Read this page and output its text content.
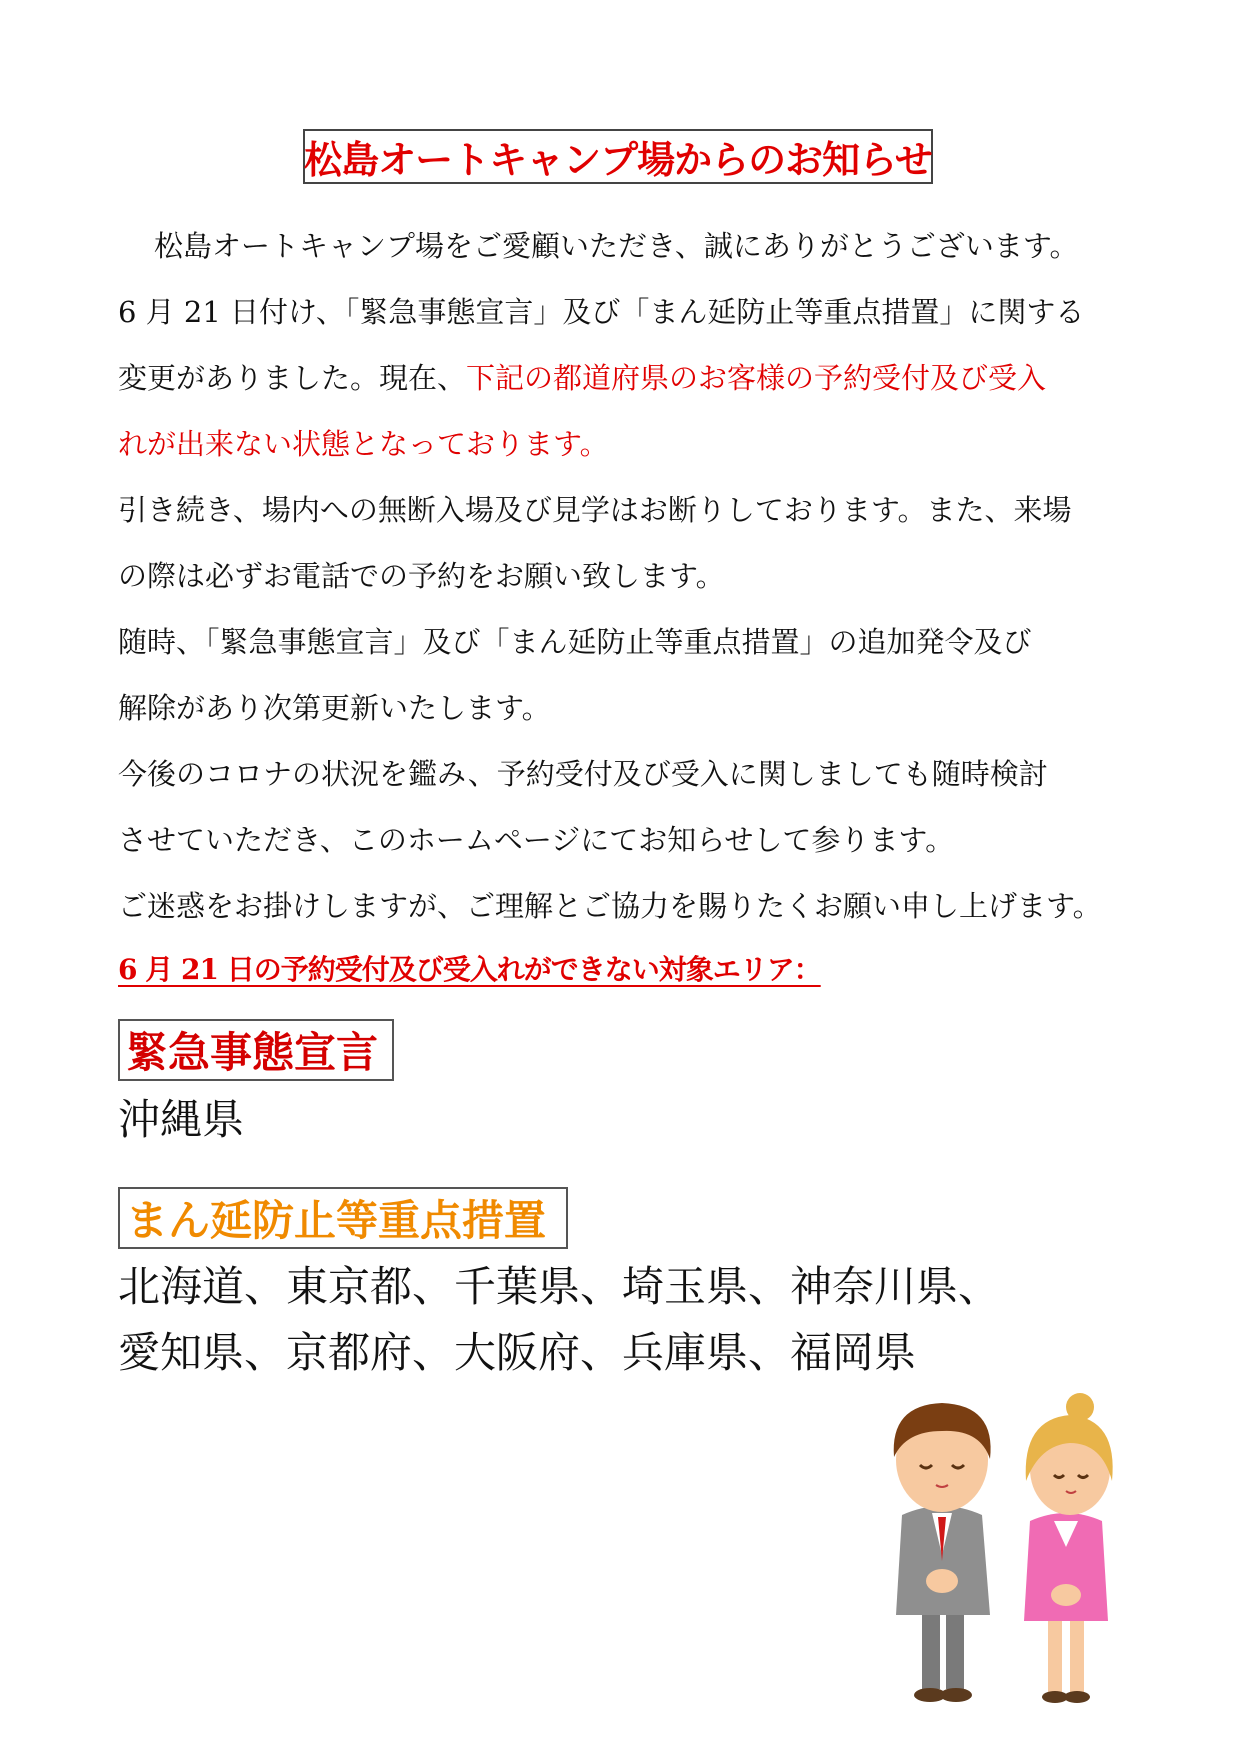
松島オートキャンプ場からのお知らせ
松島オートキャンプ場をご愛顧いただき、誠にありがとうございます。
6 月 21 日付け、「緊急事態宣言」及び「まん延防止等重点措置」に関する
変更がありました。現在、下記の都道府県のお客様の予約受付及び受入
れが出来ない状態となっております。
引き続き、場内への無断入場及び見学はお断りしております。また、来場
の際は必ずお電話での予約をお願い致します。
随時、「緊急事態宣言」及び「まん延防止等重点措置」の追加発令及び
解除があり次第更新いたします。
今後のコロナの状況を鑑み、予約受付及び受入に関しましても随時検討
させていただき、このホームページにてお知らせして参ります。
ご迷惑をお掛けしますが、ご理解とご協力を賜りたくお願い申し上げます。
6 月 21 日の予約受付及び受入れができない対象エリア：
緊急事態宣言
沖縄県
まん延防止等重点措置
北海道、東京都、千葉県、埼玉県、神奈川県、
愛知県、京都府、大阪府、兵庫県、福岡県
